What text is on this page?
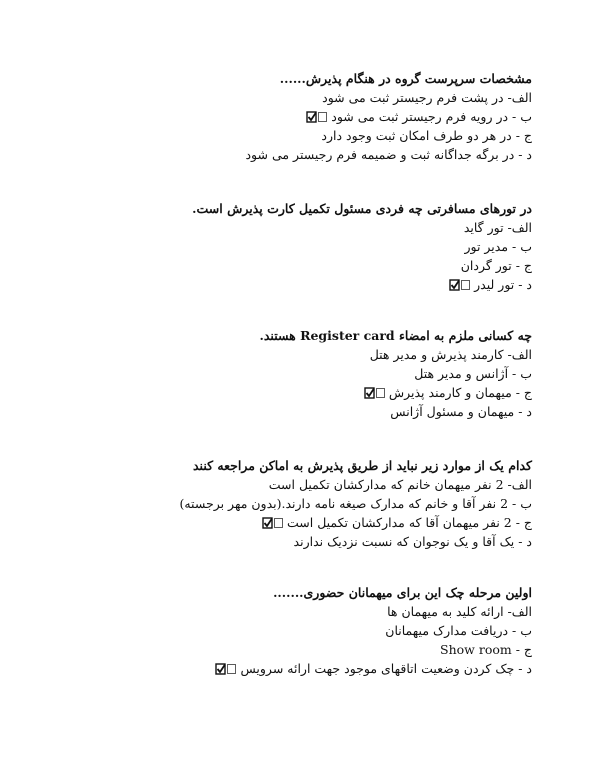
مشخصات سرپرست گروه در هنگام پذیرش......
الف- در پشت فرم رجیستر ثبت می شود
ب - در رویه فرم رجیستر ثبت می شود
ج - در هر دو طرف امکان ثبت وجود دارد
د - در برگه جداگانه ثبت و ضمیمه فرم رجیستر می شود
در تورهای مسافرتی چه فردی مسئول تکمیل کارت پذیرش است.
الف- تور گاید
ب - مدیر تور
ج - تور گردان
د - تور لیدر
چه کسانی ملزم به امضاء Register card هستند.
الف- کارمند پذیرش و مدیر هتل
ب - آژانس و مدیر هتل
ج - میهمان و کارمند پذیرش
د - میهمان و مسئول آژانس
کدام یک از موارد زیر نباید از طریق پذیرش به اماکن مراجعه کنند
الف- 2 نفر میهمان خانم که مدارکشان تکمیل است
ب - 2 نفر آقا و خانم که مدارک صیغه نامه دارند.(بدون مهر برجسته)
ج - 2 نفر میهمان آقا که مدارکشان تکمیل است
د - یک آقا و یک نوجوان که نسبت نزدیک ندارند
اولین مرحله چک این برای میهمانان حضوری.......
الف- ارائه کلید به میهمان ها
ب - دریافت مدارک میهمانان
ج - Show room
د - چک کردن وضعیت اتاقهای موجود جهت ارائه سرویس
